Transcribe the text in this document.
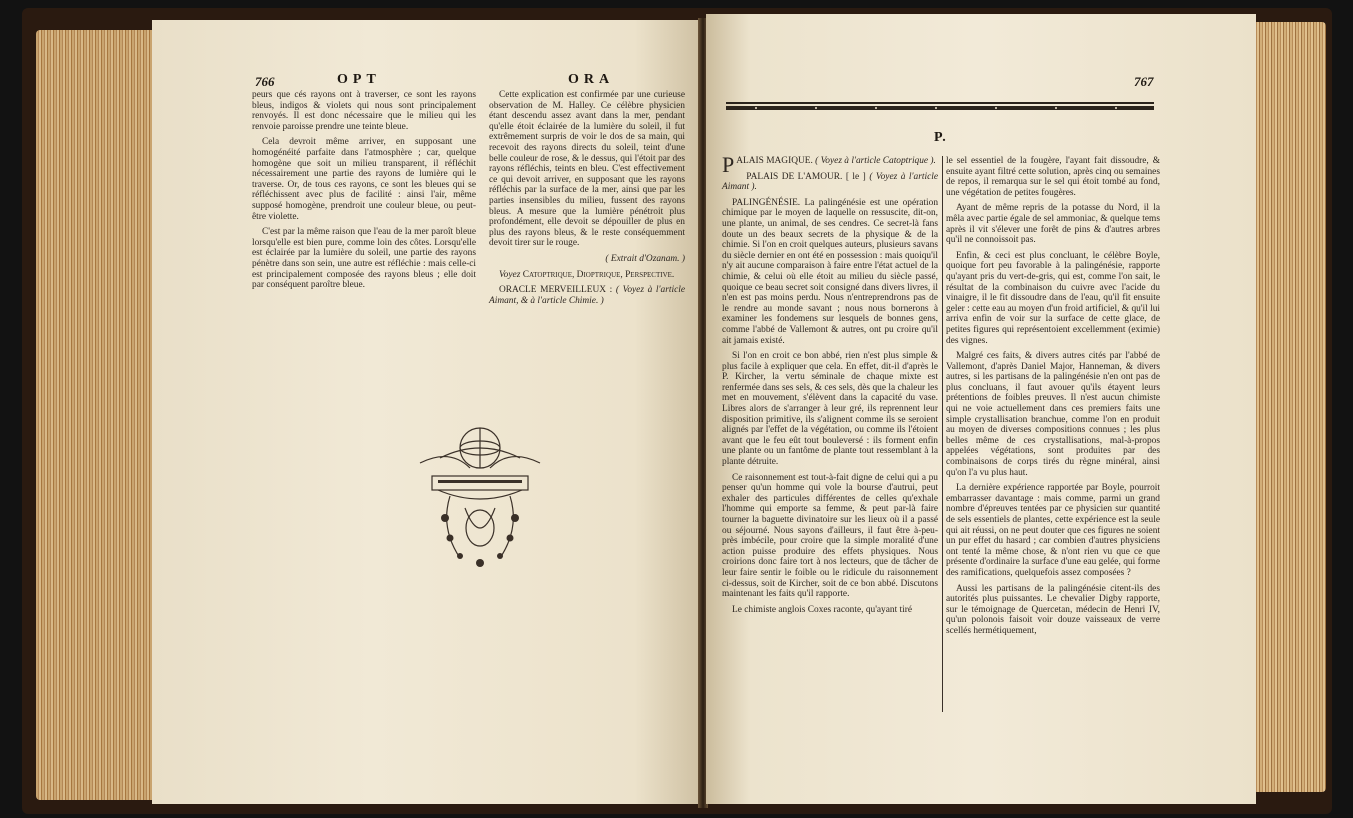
766	OPT	ORA

peurs que cés rayons ont à traverser, ce sont les rayons bleus, indigos & violets qui nous sont principalement renvoyés. Il est donc nécessaire que le milieu qui les renvoie paroisse prendre une teinte bleue.

Cela devroit même arriver, en supposant une homogénéité parfaite dans l'atmosphère ; car, quelque homogène que soit un milieu transparent, il réfléchit nécessairement une partie des rayons de lumière qui le traverse. Or, de tous ces rayons, ce sont les bleues qui se réfléchissent avec plus de facilité : ainsi l'air, même supposé homogène, prendroit une couleur bleue, ou peut-être violette.

C'est par la même raison que l'eau de la mer paroît bleue lorsqu'elle est bien pure, comme loin des côtes. Lorsqu'elle est éclairée par la lumière du soleil, une partie des rayons pénètre dans son sein, une autre est réfléchie : mais celle-ci est principalement composée des rayons bleus ; elle doit par conséquent paroître bleue.

Cette explication est confirmée par une curieuse observation de M. Halley. Ce célèbre physicien étant descendu assez avant dans la mer, pendant qu'elle étoit éclairée de la lumière du soleil, il fut extrêmement surpris de voir le dos de sa main, qui recevoit des rayons directs du soleil, teint d'une belle couleur de rose, & le dessus, qui l'étoit par des rayons réfléchis, teints en bleu. C'est effectivement ce qui devoit arriver, en supposant que les rayons réfléchis par la surface de la mer, ainsi que par les parties insensibles du milieu, fussent des rayons bleus. A mesure que la lumière pénétroit plus profondément, elle devoit se dépouiller de plus en plus des rayons bleus, & le reste conséquemment devoit tirer sur le rouge.

( Extrait d'Ozanam. )

Voyez Catoptrique, Dioptrique, Perspective.

ORACLE MERVEILLEUX : ( Voyez à l'article Aimant, & à l'article Chimie. )

767
P.

PALAIS MAGIQUE. ( Voyez à l'article Catoptrique ).

PALAIS DE L'AMOUR. [ le ] ( Voyez à l'article Aimant ).

PALINGÉNÉSIE. La palingénésie est une opération chimique par le moyen de laquelle on ressuscite, dit-on, une plante, un animal, de ses cendres. Ce secret-là fans doute un des beaux secrets de la physique & de la chimie. Si l'on en croit quelques auteurs, plusieurs savans du siècle dernier en ont été en possession : mais quoiqu'il n'y ait aucune comparaison à faire entre l'état actuel de la chimie, & celui où elle étoit au milieu du siècle passé, quoique ce beau secret soit consigné dans divers livres, il n'en est pas moins perdu. Nous n'entreprendrons pas de le rendre au monde savant ; nous nous bornerons à examiner les fondemens sur lesquels de bonnes gens, comme l'abbé de Vallemont & autres, ont pu croire qu'il ait jamais existé.

Si l'on en croit ce bon abbé, rien n'est plus simple & plus facile à expliquer que cela. En effet, dit-il d'après le P. Kircher, la vertu séminale de chaque mixte est renfermée dans ses sels, & ces sels, dès que la chaleur les met en mouvement, s'élèvent dans la capacité du vase. Libres alors de s'arranger à leur gré, ils reprennent leur disposition primitive, ils s'alignent comme ils se seroient alignés par l'effet de la végétation, ou comme ils l'étoient avant que le feu eût tout bouleversé : ils forment enfin une plante ou un fantôme de plante tout ressemblant à la plante détruite.

Ce raisonnement est tout-à-fait digne de celui qui a pu penser qu'un homme qui vole la bourse d'autrui, peut exhaler des particules différentes de celles qu'exhale l'homme qui emporte sa femme, & peut par-là faire tourner la baguette divinatoire sur les lieux où il a passé ou séjourné. Nous sayons d'ailleurs, il faut être à-peu-près imbécile, pour croire que la simple moralité d'une action puisse produire des effets physiques. Nous croirions donc faire tort à nos lecteurs, que de tâcher de leur faire sentir le foible ou le ridicule du raisonnement ci-dessus, soit de Kircher, soit de ce bon abbé. Discutons maintenant les faits qu'il rapporte.

Le chimiste anglois Coxes raconte, qu'ayant tiré

le sel essentiel de la fougère, l'ayant fait dissoudre, & ensuite ayant filtré cette solution, après cinq ou semaines de repos, il remarqua sur le sel qui étoit tombé au fond, une végétation de petites fougères.

Ayant de même repris de la potasse du Nord, il la mêla avec partie égale de sel ammoniac, & quelque tems après il vit s'élever une forêt de pins & d'autres arbres qu'il ne connoissoit pas.

Enfin, & ceci est plus concluant, le célèbre Boyle, quoique fort peu favorable à la palingénésie, rapporte qu'ayant pris du vert-de-gris, qui est, comme l'on sait, le résultat de la combinaison du cuivre avec l'acide du vinaigre, il le fit dissoudre dans de l'eau, qu'il fit ensuite geler : cette eau au moyen d'un froid artificiel, & qu'il lui arriva enfin de voir sur la surface de cette glace, de petites figures qui représentoient excellemment (eximie) des vignes.

Malgré ces faits, & divers autres cités par l'abbé de Vallemont, d'après Daniel Major, Hanneman, & divers autres, si les partisans de la palingénésie n'en ont pas de plus concluans, il faut avouer qu'ils étayent leurs prétentions de foibles preuves. Il n'est aucun chimiste qui ne voie actuellement dans ces premiers faits une simple crystallisation branchue, comme l'on en produit au moyen de diverses compositions connues ; les plus belles même de ces crystallisations, mal-à-propos appelées végétations, sont produites par des combinaisons de corps tirés du règne minéral, ainsi qu'on l'a vu plus haut.

La dernière expérience rapportée par Boyle, pourroit embarrasser davantage : mais comme, parmi un grand nombre d'épreuves tentées par ce physicien sur quantité de sels essentiels de plantes, cette expérience est la seule qui ait réussi, on ne peut douter que ces figures ne soient un pur effet du hasard ; car combien d'autres physiciens ont tenté la même chose, & n'ont rien vu que ce que présente d'ordinaire la surface d'une eau gelée, qui forme des ramifications, quelquefois assez composées ?

Aussi les partisans de la palingénésie citent-ils des autorités plus puissantes. Le chevalier Digby rapporte, sur le témoignage de Quercetan, médecin de Henri IV, qu'un polonois faisoit voir douze vaisseaux de verre scellés hermétiquement,
